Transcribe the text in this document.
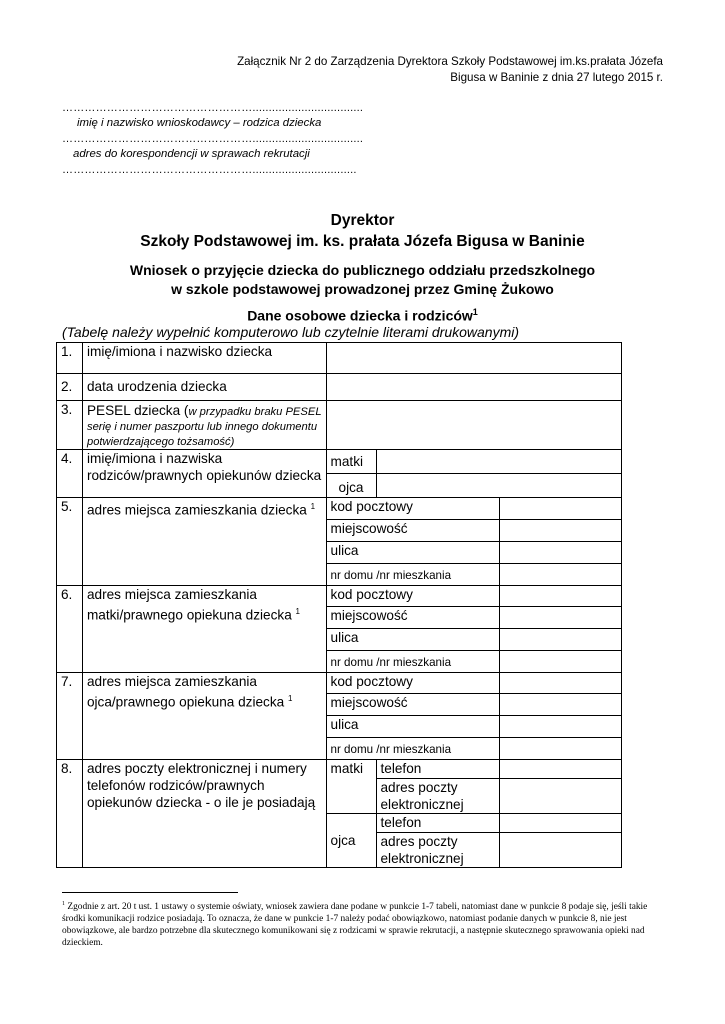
Załącznik Nr 2 do Zarządzenia Dyrektora Szkoły Podstawowej im.ks.prałata Józefa
Bigusa w Baninie z dnia 27 lutego 2015 r.
……………………………………………..................................
imię i nazwisko wnioskodawcy – rodzica dziecka
……………………………………………..................................
adres do korespondencji w sprawach rekrutacji
……………………………………………................................
Dyrektor
Szkoły Podstawowej im. ks. prałata Józefa Bigusa w Baninie
Wniosek o przyjęcie dziecka do publicznego oddziału przedszkolnego
w szkole podstawowej prowadzonej przez Gminę Żukowo
Dane osobowe dziecka i rodziców$^1$
(Tabelę należy wypełnić komputerowo lub czytelnie literami drukowanymi)
1.	imię/imiona i nazwisko dziecka			
2.	data urodzenia dziecka			
3.	PESEL dziecka (w przypadku braku PESEL serię i numer paszportu lub innego dokumentu potwierdzającego tożsamość)			
4.	imię/imiona i nazwiska rodziców/prawnych opiekunów dziecka	matki		
		ojca		
5.	adres miejsca zamieszkania dziecka $^1$	kod pocztowy		
		miejscowość		
		ulica		
		nr domu /nr mieszkania		
6.	adres miejsca zamieszkania matki/prawnego opiekuna dziecka $^1$	kod pocztowy		
		miejscowość		
		ulica		
		nr domu /nr mieszkania		
7.	adres miejsca zamieszkania ojca/prawnego opiekuna dziecka $^1$	kod pocztowy		
		miejscowość		
		ulica		
		nr domu /nr mieszkania		
8.	adres poczty elektronicznej i numery telefonów rodziców/prawnych opiekunów dziecka - o ile je posiadają	matki	telefon	
			adres poczty elektronicznej	
		ojca	telefon	
			adres poczty elektronicznej	
$^1$ Zgodnie z art. 20 t ust. 1 ustawy o systemie oświaty, wniosek zawiera dane podane w punkcie 1-7 tabeli, natomiast dane w punkcie 8 podaje się, jeśli takie środki komunikacji rodzice posiadają. To oznacza, że dane w punkcie 1-7 należy podać obowiązkowo, natomiast podanie danych w punkcie 8, nie jest obowiązkowe, ale bardzo potrzebne dla skutecznego komunikowani się z rodzicami w sprawie rekrutacji, a następnie skutecznego sprawowania opieki nad dzieckiem.
